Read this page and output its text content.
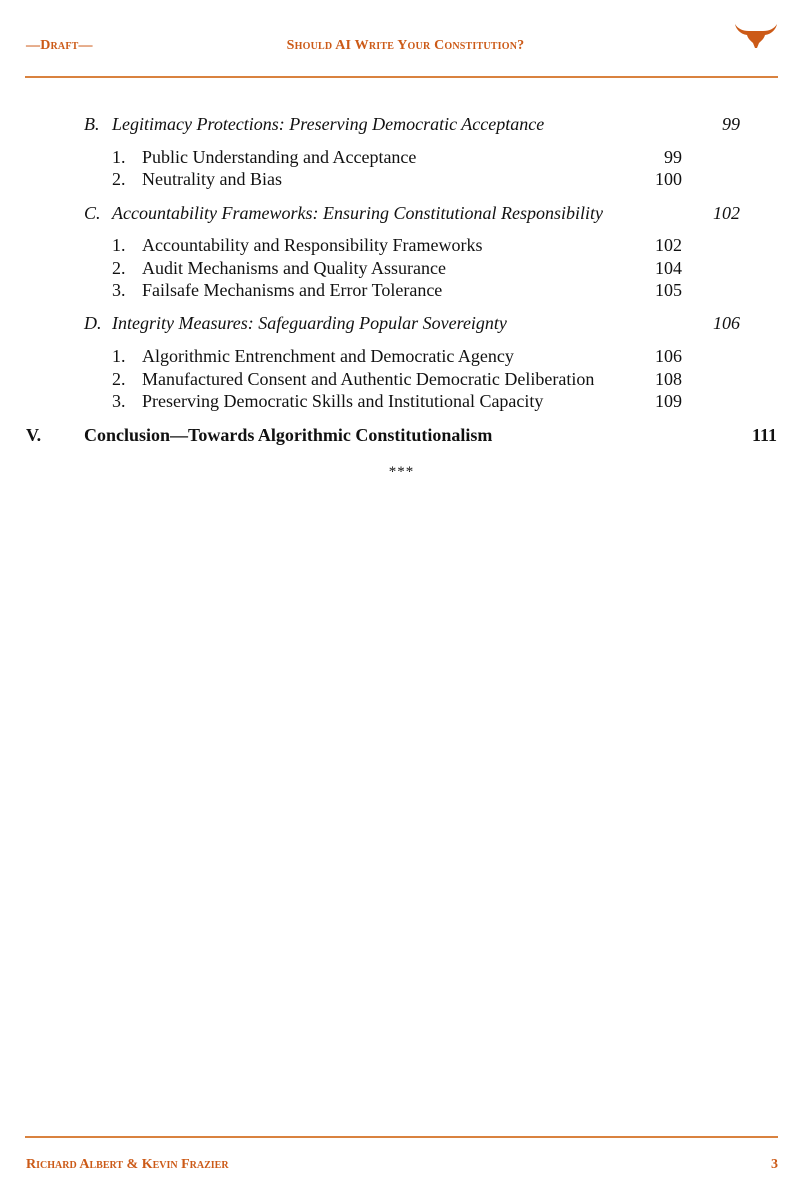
—Draft—	Should AI Write Your Constitution?
B. Legitimacy Protections: Preserving Democratic Acceptance	99
1. Public Understanding and Acceptance	99
2. Neutrality and Bias	100
C. Accountability Frameworks: Ensuring Constitutional Responsibility	102
1. Accountability and Responsibility Frameworks	102
2. Audit Mechanisms and Quality Assurance	104
3. Failsafe Mechanisms and Error Tolerance	105
D. Integrity Measures: Safeguarding Popular Sovereignty	106
1. Algorithmic Entrenchment and Democratic Agency	106
2. Manufactured Consent and Authentic Democratic Deliberation	108
3. Preserving Democratic Skills and Institutional Capacity	109
V. Conclusion—Towards Algorithmic Constitutionalism	111
***
Richard Albert & Kevin Frazier	3
